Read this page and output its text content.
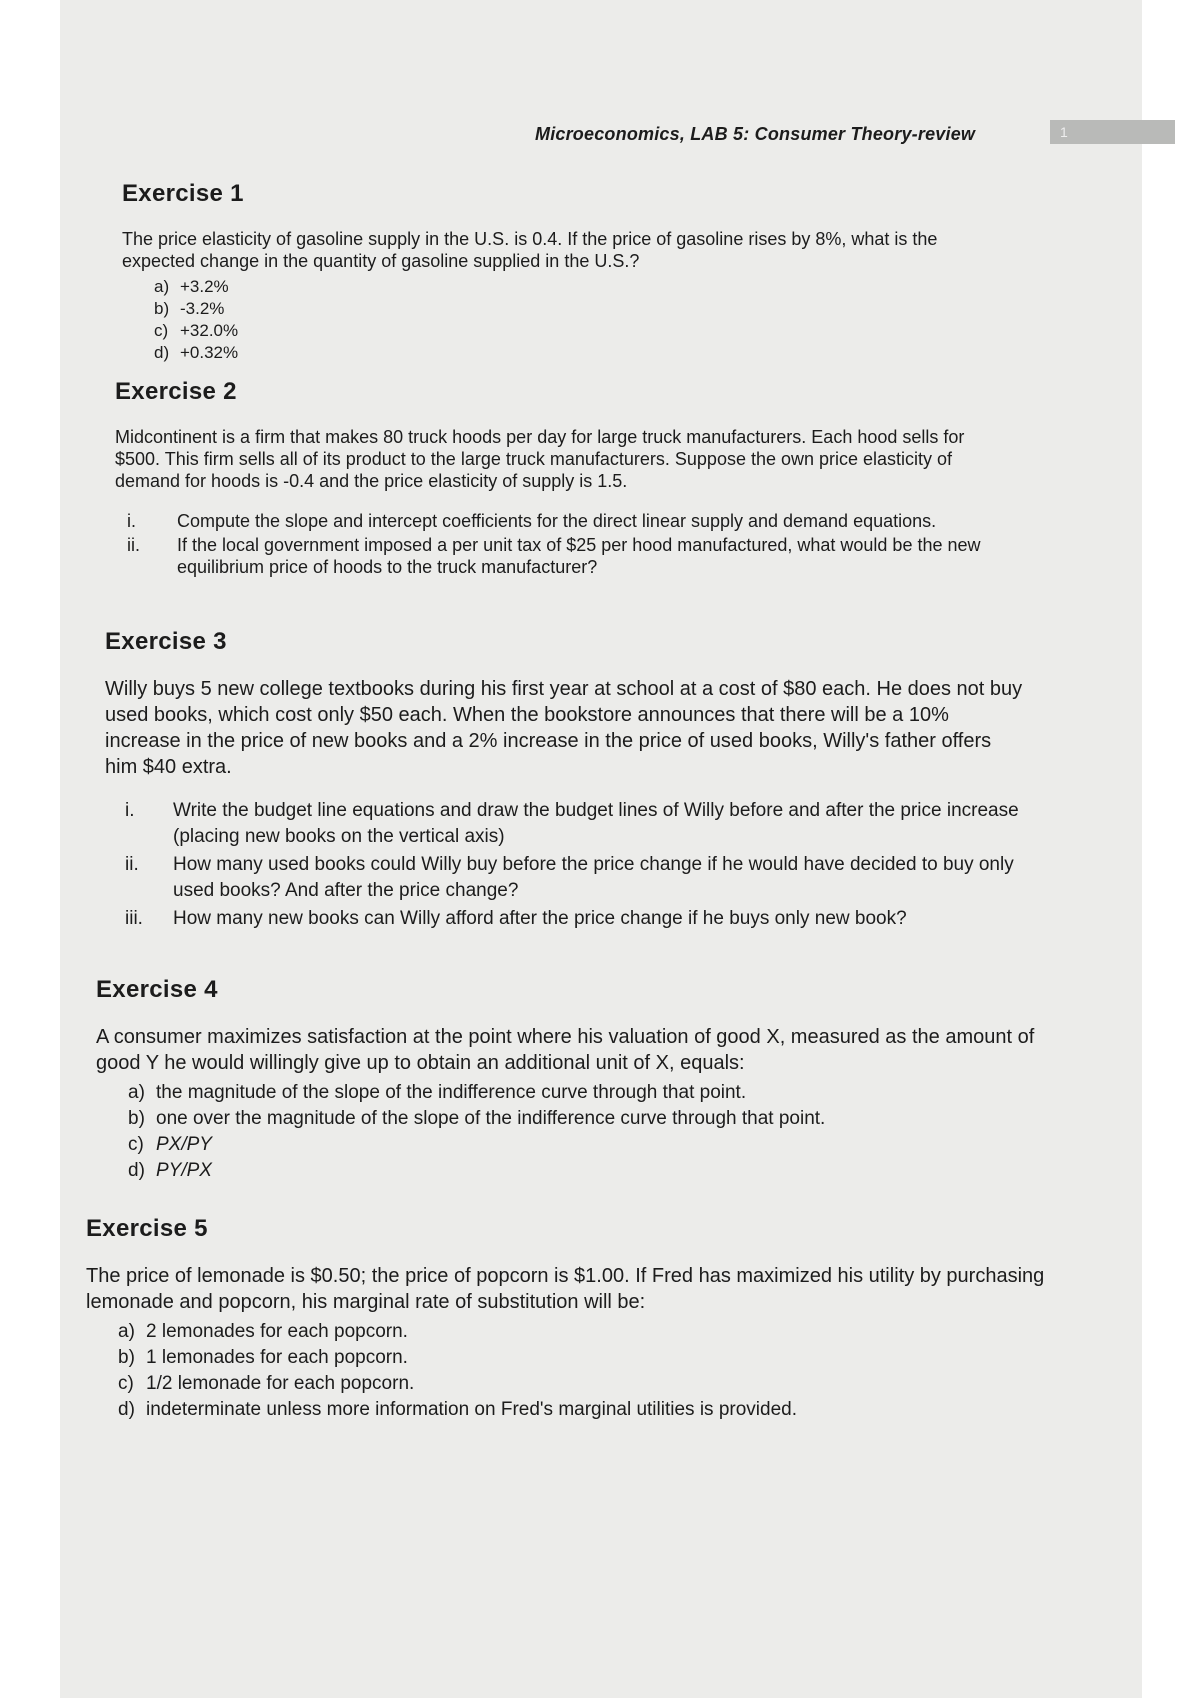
Microeconomics, LAB 5: Consumer Theory-review	1
Exercise 1

The price elasticity of gasoline supply in the U.S. is 0.4. If the price of gasoline rises by 8%, what is the expected change in the quantity of gasoline supplied in the U.S.?

a) +3.2%
b) -3.2%
c) +32.0%
d) +0.32%
Exercise 2

Midcontinent is a firm that makes 80 truck hoods per day for large truck manufacturers. Each hood sells for $500. This firm sells all of its product to the large truck manufacturers. Suppose the own price elasticity of demand for hoods is -0.4 and the price elasticity of supply is 1.5.

i.	Compute the slope and intercept coefficients for the direct linear supply and demand equations.
ii.	If the local government imposed a per unit tax of $25 per hood manufactured, what would be the new equilibrium price of hoods to the truck manufacturer?
Exercise 3

Willy buys 5 new college textbooks during his first year at school at a cost of $80 each. He does not buy used books, which cost only $50 each. When the bookstore announces that there will be a 10% increase in the price of new books and a 2% increase in the price of used books, Willy's father offers him $40 extra.

i.	Write the budget line equations and draw the budget lines of Willy before and after the price increase (placing new books on the vertical axis)
ii.	How many used books could Willy buy before the price change if he would have decided to buy only used books? And after the price change?
iii.	How many new books can Willy afford after the price change if he buys only new book?
Exercise 4

A consumer maximizes satisfaction at the point where his valuation of good X, measured as the amount of good Y he would willingly give up to obtain an additional unit of X, equals:

a) the magnitude of the slope of the indifference curve through that point.
b) one over the magnitude of the slope of the indifference curve through that point.
c) PX/PY
d) PY/PX
Exercise 5

The price of lemonade is $0.50; the price of popcorn is $1.00. If Fred has maximized his utility by purchasing lemonade and popcorn, his marginal rate of substitution will be:

a) 2 lemonades for each popcorn.
b) 1 lemonades for each popcorn.
c) 1/2 lemonade for each popcorn.
d) indeterminate unless more information on Fred's marginal utilities is provided.
